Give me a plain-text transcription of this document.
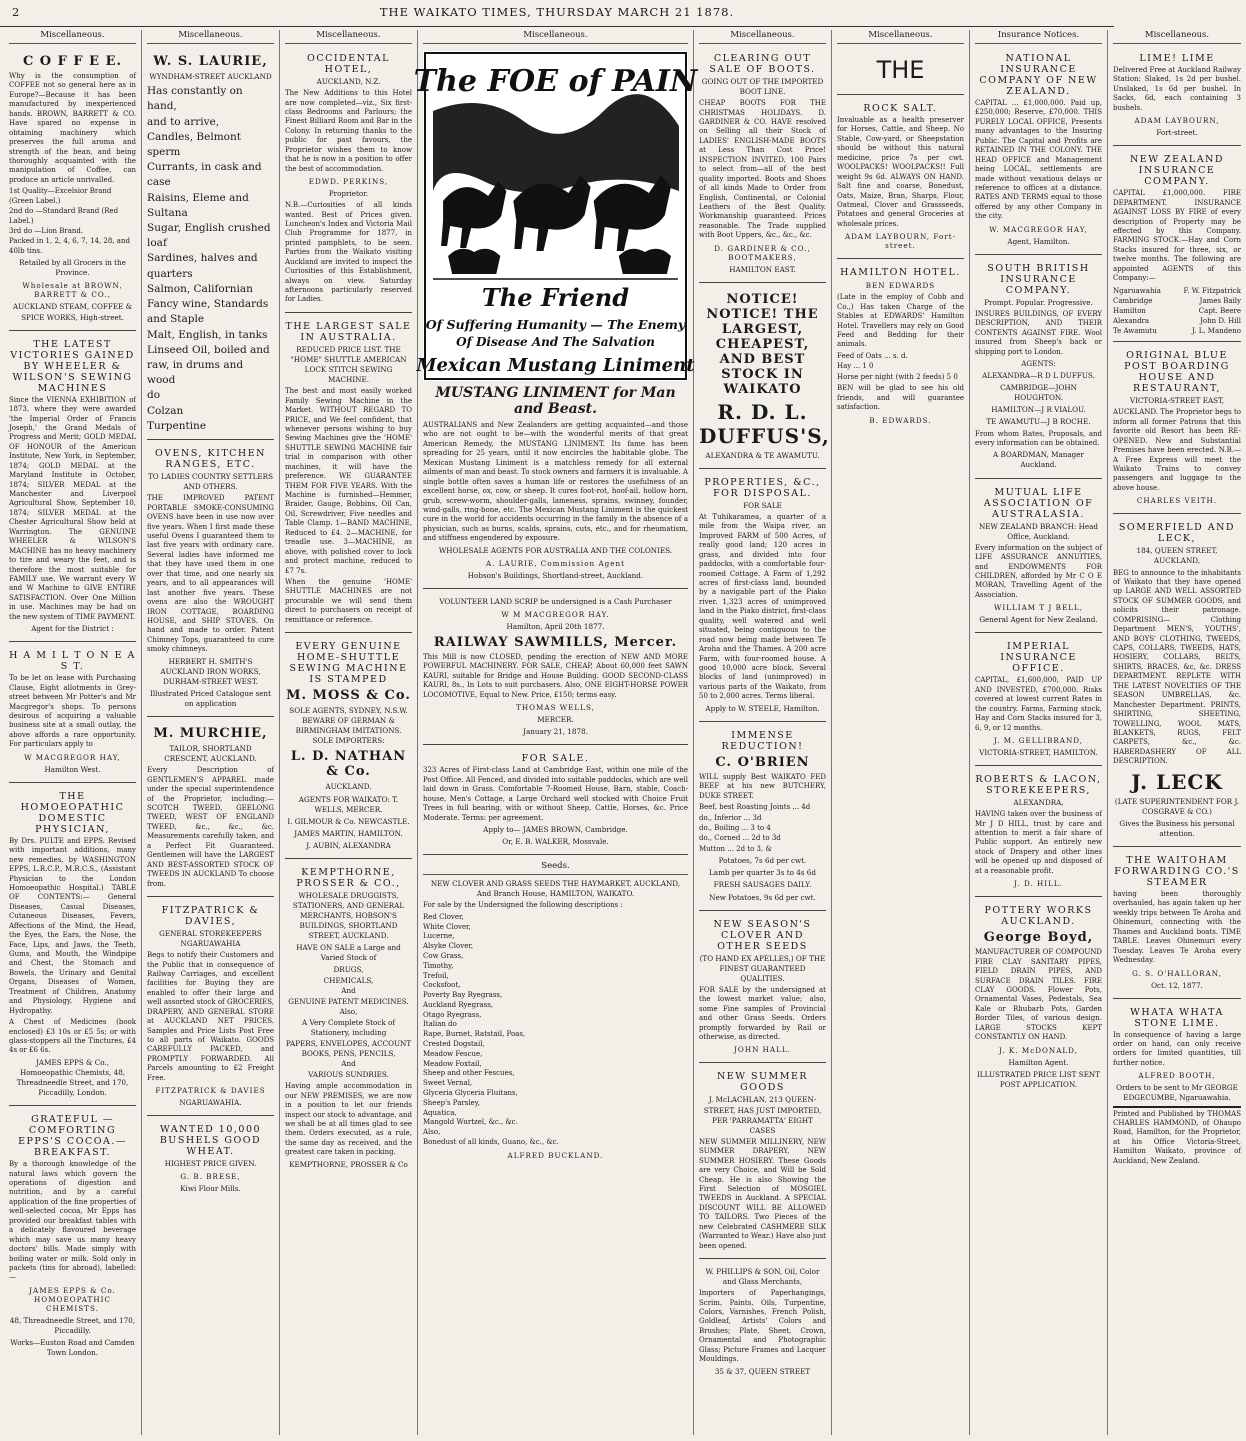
2	THE WAIKATO TIMES, THURSDAY MARCH 21 1878.
Miscellaneous.
C O F F E E.
Why is the consumption of COFFEE not so general here as in Europe?—Because it has been manufactured by inexperienced hands. BROWN, BARRETT & CO. Have spared no expense in obtaining machinery which preserves the full aroma and strength of the bean, and being thoroughly acquainted with the manipulation of Coffee, can produce an article unrivalled.
1st Quality—Excelsior Brand (Green Label.)
2nd do —Standard Brand (Red Label.)
3rd do —Lion Brand.
Packed in 1, 2, 4, 6, 7, 14, 28, and 40lb tins.
Retailed by all Grocers in the Province.
Wholesale at BROWN, BARRETT & CO.,
AUCKLAND STEAM, COFFEE & SPICE WORKS, High-street.
THE LATEST VICTORIES GAINED BY WHEELER & WILSON'S SEWING MACHINES
Since the VIENNA EXHIBITION of 1873, where they were awarded 'the Imperial Order of Francis Joseph,' the Grand Medals of Progress and Merit; GOLD MEDAL OF HONOUR of the American Institute, New York, in September, 1874; GOLD MEDAL at the Maryland Institute in October, 1874; SILVER MEDAL at the Manchester and Liverpool Agricultural Show, September 10, 1874; SILVER MEDAL at the Chester Agricultural Show held at Warrington. The GENUINE WHEELER & WILSON'S MACHINE has no heavy machinery to tire and weary the feet, and is therefore the most suitable for FAMILY use. We warrant every W and W Machine to GIVE ENTIRE SATISFACTION. Over One Million in use. Machines may be had on the new system of TIME PAYMENT.
Agent for the District :
H A M I L T O N E A S T.
To be let on lease with Purchasing Clause, Eight allotments in Grey-street between Mr Potter's and Mr Macgregor's shops. To persons desirous of acquiring a valuable business site at a small outlay, the above affords a rare opportunity. For particulars apply to
W MACGREGOR HAY,
Hamilton West.
THE HOMOEOPATHIC DOMESTIC PHYSICIAN,
By Drs. PULTE and EPPS. Revised with important additions, many new remedies, by WASHINGTON EPPS, L.R.C.P., M.R.C.S., (Assistant Physician to the London Homoeopathic Hospital.) TABLE OF CONTENTS:— General Diseases, Casual Diseases, Cutaneous Diseases, Fevers, Affections of the Mind, the Head, the Eyes, the Ears, the Nose, the Face, Lips, and Jaws, the Teeth, Gums, and Mouth, the Windpipe and Chest, the Stomach and Bowels, the Urinary and Genital Organs, Diseases of Women, Treatment of Children, Anatomy and Physiology, Hygiene and Hydropathy.
A Chest of Medicines (book enclosed) £3 10s or £5 5s; or with glass-stoppers all the Tinctures, £4 4s or £6 6s.
JAMES EPPS & Co., Homoeopathic Chemists, 48, Threadneedle Street, and 170, Piccadilly, London.
GRATEFUL — COMFORTING EPPS'S COCOA.—BREAKFAST.
By a thorough knowledge of the natural laws which govern the operations of digestion and nutrition, and by a careful application of the fine properties of well-selected cocoa, Mr Epps has provided our breakfast tables with a delicately flavoured beverage which may save us many heavy doctors' bills. Made simply with boiling water or milk. Sold only in packets (tins for abroad), labelled:—
JAMES EPPS & Co. HOMOEOPATHIC CHEMISTS.
48, Threadneedle Street, and 170, Piccadilly.
Works—Euston Road and Camden Town London.
Miscellaneous.
W. S. LAURIE,
WYNDHAM-STREET AUCKLAND
Has constantly on hand,
and to arrive,
Candles, Belmont sperm
Currants, in cask and case
Raisins, Eleme and Sultana
Sugar, English crushed loaf
Sardines, halves and quarters
Salmon, Californian
Fancy wine, Standards and Staple
Malt, English, in tanks
Linseed Oil, boiled and raw, in drums and wood
do
Colzan
Turpentine
OVENS, KITCHEN RANGES, ETC.
TO LADIES COUNTRY SETTLERS AND OTHERS.
THE IMPROVED PATENT PORTABLE SMOKE-CONSUMING OVENS have been in use now over five years. When I first made these useful Ovens I guaranteed them to last five years with ordinary care. Several ladies have informed me that they have used them in one over that time, and one nearly six years, and to all appearances will last another five years. These ovens are also the WROUGHT IRON COTTAGE, BOARDING HOUSE, and SHIP STOVES. On hand and made to order. Patent Chimney Tops, guaranteed to cure smoky chimneys.
HERBERT H. SMITH'S AUCKLAND IRON WORKS, DURHAM-STREET WEST.
Illustrated Priced Catalogue sent on application
M. MURCHIE,
TAILOR, SHORTLAND CRESCENT, AUCKLAND.
Every Description of GENTLEMEN'S APPAREL made under the special superintendence of the Proprietor, including:— SCOTCH TWEED, GEELONG TWEED, WEST OF ENGLAND TWEED, &c., &c., &c. Measurements carefully taken, and a Perfect Fit Guaranteed. Gentlemen will have the LARGEST AND BEST-ASSORTED STOCK OF TWEEDS IN AUCKLAND To choose from.
FITZPATRICK & DAVIES,
GENERAL STOREKEEPERS NGARUAWAHIA
Begs to notify their Customers and the Public that in consequence of Railway Carriages, and excellent facilities for Buying they are enabled to offer their large and well assorted stock of GROCERIES, DRAPERY, AND GENERAL STORE at AUCKLAND NET PRICES. Samples and Price Lists Post Free to all parts of Waikato. GOODS CAREFULLY PACKED, and PROMPTLY FORWARDED. All Parcels amounting to £2 Freight Free.
FITZPATRICK & DAVIES
NGARUAWAHIA.
WANTED 10,000 BUSHELS GOOD WHEAT.
HIGHEST PRICE GIVEN.
G. B. BRESE,
Kiwi Flour Mills.
Miscellaneous.
OCCIDENTAL HOTEL,
AUCKLAND, N.Z.
The New Additions to this Hotel are now completed—viz., Six first-class Bedrooms and Parlours; the Finest Billiard Room and Bar in the Colony. In returning thanks to the public for past favours, the Proprietor wishes them to know that he is now in a position to offer the best of accommodation.
EDWD. PERKINS,
Proprietor.
N.B.—Curiosities of all kinds wanted. Best of Prices given. Luncheon's Index and Victoria Mail Club Programme for 1877, in printed pamphlets, to be seen. Parties from the Waikato visiting Auckland are invited to inspect the Curiosities of this Establishment, always on view. Saturday afternoons particularly reserved for Ladies.
THE LARGEST SALE IN AUSTRALIA.
REDUCED PRICE LIST. THE "HOME" SHUTTLE AMERICAN LOCK STITCH SEWING MACHINE.
The best and most easily worked Family Sewing Machine in the Market. WITHOUT REGARD TO PRICE, and We feel confident, that whenever persons wishing to buy Sewing Machines give the 'HOME' SHUTTLE SEWING MACHINE fair trial in comparison with other machines, it will have the preference. WE GUARANTEE THEM FOR FIVE YEARS. With the Machine is furnished—Hemmer, Braider, Gauge, Bobbins, Oil Can, Oil, Screwdriver, Five needles and Table Clamp. 1—BAND MACHINE, Reduced to £4. 2—MACHINE, for treadle use. 3—MACHINE, as above, with polished cover to lock and protect machine, reduced to £7 7s.
When the genuine 'HOME' SHUTTLE MACHINES are not procurable we will send them direct to purchasers on receipt of remittance or reference.
EVERY GENUINE HOME-SHUTTLE SEWING MACHINE IS STAMPED
M. MOSS & Co.
SOLE AGENTS, SYDNEY, N.S.W. BEWARE OF GERMAN & BIRMINGHAM IMITATIONS. SOLE IMPORTERS:
L. D. NATHAN & Co.
AUCKLAND.
AGENTS FOR WAIKATO: T. WELLS, MERCER.
I. GILMOUR & Co. NEWCASTLE.
JAMES MARTIN, HAMILTON.
J. AUBIN, ALEXANDRA
KEMPTHORNE, PROSSER & CO.,
WHOLESALE DRUGGISTS, STATIONERS, AND GENERAL MERCHANTS, HOBSON'S BUILDINGS, SHORTLAND STREET, AUCKLAND.
HAVE ON SALE a Large and Varied Stock of
DRUGS,
CHEMICALS,
And
GENUINE PATENT MEDICINES.
Also,
A Very Complete Stock of Stationery, including
PAPERS, ENVELOPES, ACCOUNT BOOKS, PENS, PENCILS,
And
VARIOUS SUNDRIES.
Having ample accommodation in our NEW PREMISES, we are now in a position to let our friends inspect our stock to advantage, and we shall be at all times glad to see them. Orders executed, as a rule, the same day as received, and the greatest care taken in packing.
KEMPTHORNE, PROSSER & Co
Miscellaneous.
The FOE of PAIN
The Friend
Of Suffering Humanity — The Enemy
Of Disease And The Salvation
Mexican Mustang Liniment
MUSTANG LINIMENT for Man and Beast.
AUSTRALIANS and New Zealanders are getting acquainted—and those who are not ought to be—with the wonderful merits of that great American Remedy, the MUSTANG LINIMENT. Its fame has been spreading for 25 years, until it now encircles the habitable globe. The Mexican Mustang Liniment is a matchless remedy for all external ailments of man and beast. To stock owners and farmers it is invaluable. A single bottle often saves a human life or restores the usefulness of an excellent horse, ox, cow, or sheep. It cures foot-rot, hoof-ail, hollow horn, grub, screw-worm, shoulder-galls, lameness, sprains, swinney, founder, wind-galls, ring-bone, etc. The Mexican Mustang Liniment is the quickest cure in the world for accidents occurring in the family in the absence of a physician, such as burns, scalds, sprains, cuts, etc., and for rheumatism, and stiffness engendered by exposure.
WHOLESALE AGENTS FOR AUSTRALIA AND THE COLONIES.
A. LAURIE, Commission Agent
Hobson's Buildings, Shortland-street, Auckland.
VOLUNTEER LAND SCRIP be undersigned is a Cash Purchaser
W M MACGREGOR HAY.
Hamilton, April 20th 1877.
RAILWAY SAWMILLS, Mercer.
This Mill is now CLOSED, pending the erection of NEW AND MORE POWERFUL MACHINERY. FOR SALE, CHEAP, About 60,000 feet SAWN KAURI, suitable for Bridge and House Building. GOOD SECOND-CLASS KAURI, 8s., In Lots to suit purchasers. Also, ONE EIGHT-HORSE POWER LOCOMOTIVE, Equal to New. Price, £150; terms easy.
THOMAS WELLS,
MERCER.
January 21, 1878.
FOR SALE.
323 Acres of First-class Land at Cambridge East, within one mile of the Post Office. All Fenced, and divided into suitable paddocks, which are well laid down in Grass. Comfortable 7-Roomed House, Barn, stable, Coach-house, Men's Cottage, a Large Orchard well stocked with Choice Fruit Trees in full bearing, with or without Sheep, Cattle, Horses, &c. Price Moderate. Terms: per agreement.
Apply to— JAMES BROWN, Cambridge.
Or, E. B. WALKER, Mossvale.
Seeds.
NEW CLOVER AND GRASS SEEDS THE HAYMARKET, AUCKLAND, And Branch House, HAMILTON, WAIKATO.
For sale by the Undersigned the following descriptions :
Red Clover,
White Clover,
Lucerne,
Alsyke Clover,
Cow Grass,
Timothy,
Trefoil,
Cocksfoot,
Poverty Bay Ryegrass,
Auckland Ryegrass,
Otago Ryegrass,
Italian do
Rape, Burnet, Ratstail, Poas,
Crested Dogstail,
Meadow Fescue,
Meadow Foxtail,
Sheep and other Fescues,
Sweet Vernal,
Glyceria Glyceria Fluitans,
Sheep's Parsley,
Aquatica,
Mangold Wurtzel, &c., &c.
Also,
Bonedust of all kinds, Guano, &c., &c.
ALFRED BUCKLAND.
Miscellaneous.
CLEARING OUT SALE OF BOOTS.
GOING OUT OF THE IMPORTED BOOT LINE.
CHEAP BOOTS FOR THE CHRISTMAS HOLIDAYS. D. GARDINER & CO. HAVE resolved on Selling all their Stock of LADIES' ENGLISH-MADE BOOTS at Less Than Cost Price! INSPECTION INVITED. 100 Pairs to select from—all of the best quality imported. Boots and Shoes of all kinds Made to Order from English, Continental, or Colonial Leathers of the Best Quality. Workmanship guaranteed. Prices reasonable. The Trade supplied with Boot Uppers, &c., &c., &c.
D. GARDINER & CO., BOOTMAKERS,
HAMILTON EAST.
NOTICE! NOTICE! THE LARGEST, CHEAPEST, AND BEST STOCK IN WAIKATO
R. D. L. DUFFUS'S,
ALEXANDRA & TE AWAMUTU.
PROPERTIES, &C., FOR DISPOSAL.
FOR SALE
At Tuhikaramea, a quarter of a mile from the Waipa river, an Improved FARM of 500 Acres, of really good land; 120 acres in grass, and divided into four paddocks, with a comfortable four-roomed Cottage. A Farm of 1,292 acres of first-class land, bounded by a navigable part of the Piako river. 1,323 acres of unimproved land in the Piako district, first-class quality, well watered and well situated, being contiguous to the road now being made between Te Aroha and the Thames. A 200 acre Farm, with four-roomed house. A good 10,000 acre block. Several blocks of land (unimproved) in various parts of the Waikato, from 50 to 2,000 acres. Terms liberal.
Apply to W. STEELE, Hamilton.
IMMENSE REDUCTION!
C. O'BRIEN
WILL supply Best WAIKATO FED BEEF at his new BUTCHERY, DUKE STREET.
Beef, best Roasting Joints ... 4d
do., Inferior ... 3d
do., Boiling ... 3 to 4
do., Corned ... 2d to 3d
Mutton ... 2d to 3, &
Potatoes, 7s 6d per cwt.
Lamb per quarter 3s to 4s 6d
FRESH SAUSAGES DAILY.
New Potatoes, 9s 6d per cwt.
NEW SEASON'S CLOVER AND OTHER SEEDS
(TO HAND EX APELLES,) OF THE FINEST GUARANTEED QUALITIES.
FOR SALE by the undersigned at the lowest market value; also, some Fine samples of Provincial and other Grass Seeds. Orders promptly forwarded by Rail or otherwise, as directed.
JOHN HALL.
NEW SUMMER GOODS
J. McLACHLAN, 213 QUEEN-STREET, HAS JUST IMPORTED, PER 'PARRAMATTA' EIGHT CASES
NEW SUMMER MILLINERY, NEW SUMMER DRAPERY, NEW SUMMER HOSIERY. These Goods are very Choice, and Will be Sold Cheap. He is also Showing the First Selection of MOSGIEL TWEEDS in Auckland. A SPECIAL DISCOUNT WILL BE ALLOWED TO TAILORS. Two Pieces of the new Celebrated CASHMERE SILK (Warranted to Wear.) Have also just been opened.
W. PHILLIPS & SON, Oil, Color and Glass Merchants,
Importers of Paperhangings, Scrim, Paints, Oils, Turpentine, Colors, Varnishes, French Polish, Goldleaf, Artists' Colors and Brushes; Plate, Sheet, Crown, Ornamental and Photographic Glass; Picture Frames and Lacquer Mouldings.
35 & 37, QUEEN STREET
Miscellaneous.
THE
ROCK SALT.
Invaluable as a health preserver for Horses, Cattle, and Sheep. No Stable, Cow-yard, or Sheepstation should be without this natural medicine, price 7s per cwt. WOOLPACKS! WOOLPACKS!! Full weight 9s 6d. ALWAYS ON HAND. Salt fine and coarse, Bonedust, Oats, Maize, Bran, Sharps, Flour, Oatmeal, Clover and Grassseeds, Potatoes and general Groceries at wholesale prices.
ADAM LAYBOURN, Fort-street.
HAMILTON HOTEL.
BEN EDWARDS
(Late in the employ of Cobb and Co.,) Has taken Charge of the Stables at EDWARDS' Hamilton Hotel. Travellers may rely on Good Feed and Bedding for their animals.
Feed of Oats ... s. d.
Hay ... 1 0
Horse per night (with 2 feeds) 5 0
BEN will be glad to see his old friends, and will guarantee satisfaction.
B. EDWARDS.
Insurance Notices.
NATIONAL INSURANCE COMPANY OF NEW ZEALAND.
CAPITAL ... £1,000,000. Paid up, £250,000; Reserve, £70,000. THIS PURELY LOCAL OFFICE, Presents many advantages to the Insuring Public. The Capital and Profits are RETAINED IN THE COLONY. THE HEAD OFFICE and Management being LOCAL, settlements are made without vexatious delays or reference to offices at a distance. RATES AND TERMS equal to those offered by any other Company in the city.
W. MACGREGOR HAY,
Agent, Hamilton.
SOUTH BRITISH INSURANCE COMPANY.
Prompt. Popular. Progressive.
INSURES BUILDINGS, OF EVERY DESCRIPTION, AND THEIR CONTENTS AGAINST FIRE. Wool insured from Sheep's back or shipping port to London.
AGENTS:
ALEXANDRA—R D L DUFFUS.
CAMBRIDGE—JOHN HOUGHTON.
HAMILTON—J R VIALOU.
TE AWAMUTU—J B ROCHE.
From whom Rates, Proposals, and every information can be obtained.
A BOARDMAN, Manager Auckland.
MUTUAL LIFE ASSOCIATION OF AUSTRALASIA.
NEW ZEALAND BRANCH: Head Office, Auckland.
Every information on the subject of LIFE ASSURANCE ANNUITIES, and ENDOWMENTS FOR CHILDREN, afforded by Mr C O E MORAN, Travelling Agent of the Association.
WILLIAM T J BELL,
General Agent for New Zealand.
IMPERIAL INSURANCE OFFICE.
CAPITAL, £1,600,000, PAID UP AND INVESTED, £700,000. Risks covered at lowest current Rates in the country. Farms, Farming stock, Hay and Corn Stacks insured for 3, 6, 9, or 12 months.
J. M. GELLIBRAND,
VICTORIA-STREET, HAMILTON.
ROBERTS & LACON, STOREKEEPERS,
ALEXANDRA,
HAVING taken over the business of Mr J D HILL, trust by care and attention to merit a fair share of Public support. An entirely new stock of Drapery and other lines will be opened up and disposed of at a reasonable profit.
J. D. HILL.
POTTERY WORKS AUCKLAND.
George Boyd,
MANUFACTURER OF COMPOUND FIRE CLAY SANITARY PIPES, FIELD DRAIN PIPES, AND SURFACE DRAIN TILES. FIRE CLAY GOODS. Flower Pots, Ornamental Vases, Pedestals, Sea Kale or Rhubarb Pots, Garden Border Tiles, of various design. LARGE STOCKS KEPT CONSTANTLY ON HAND.
J. K. McDONALD,
Hamilton Agent.
ILLUSTRATED PRICE LIST SENT POST APPLICATION.
Miscellaneous.
LIME! LIME
Delivered Free at Auckland Railway Station: Slaked, 1s 2d per bushel. Unslaked, 1s 6d per bushel. In Sacks, 6d, each containing 3 bushels.
ADAM LAYBOURN,
Fort-street.
NEW ZEALAND INSURANCE COMPANY.
CAPITAL £1,000,000. FIRE DEPARTMENT. INSURANCE AGAINST LOSS BY FIRE of every description of Property may be effected by this Company. FARMING STOCK.—Hay and Corn Stacks insured for three, six, or twelve months. The following are appointed AGENTS of this Company:—
Ngaruawahia	F. W. Fitzpatrick
Cambridge	James Baily
Hamilton	Capt. Beere
Alexandra	John D. Hill
Te Awamutu	J. L. Mandeno
ORIGINAL BLUE POST BOARDING HOUSE AND RESTAURANT,
VICTORIA-STREET EAST,
AUCKLAND. The Proprietor begs to inform all former Patrons that this favorite old Resort has been RE-OPENED. New and Substantial Premises have been erected. N.B.—A Free Express will meet the Waikato Trains to convey passengers and luggage to the above house.
CHARLES VEITH.
SOMERFIELD AND LECK,
184, QUEEN STREET, AUCKLAND,
BEG to announce to the inhabitants of Waikato that they have opened up LARGE AND WELL ASSORTED STOCK OF SUMMER GOODS, and solicits their patronage. COMPRISING— Clothing Department MEN'S, YOUTHS', AND BOYS' CLOTHING, TWEEDS, CAPS, COLLARS, TWEEDS, HATS, HOSIERY, COLLARS, BELTS, SHIRTS, BRACES, &c, &c. DRESS DEPARTMENT. REPLETE WITH THE LATEST NOVELTIES OF THE SEASON UMBRELLAS, &c. Manchester Department. PRINTS, SHIRTING, SHEETING, TOWELLING, WOOL MATS, BLANKETS, RUGS, FELT CARPETS, &c., &c. HABERDASHERY OF ALL DESCRIPTION.
J. LECK
(LATE SUPERINTENDENT FOR J. COSGRAVE & CO.)
Gives the Business his personal attention.
THE WAITOHAM FORWARDING CO.'S STEAMER
having been thoroughly overhauled, has again taken up her weekly trips between Te Aroha and Ohinemuri, connecting with the Thames and Auckland boats. TIME TABLE. Leaves Ohinemuri every Tuesday. Leaves Te Aroha every Wednesday.
G. S. O'HALLORAN,
Oct. 12, 1877.
WHATA WHATA STONE LIME.
In consequence of having a large order on hand, can only receive orders for limited quantities, till further notice.
ALFRED BOOTH,
Orders to be sent to Mr GEORGE EDGECUMBE, Ngaruawahia.
Printed and Published by THOMAS CHARLES HAMMOND, of Ohaupo Road, Hamilton, for the Proprietor, at his Office Victoria-Street, Hamilton Waikato, province of Auckland, New Zealand.
